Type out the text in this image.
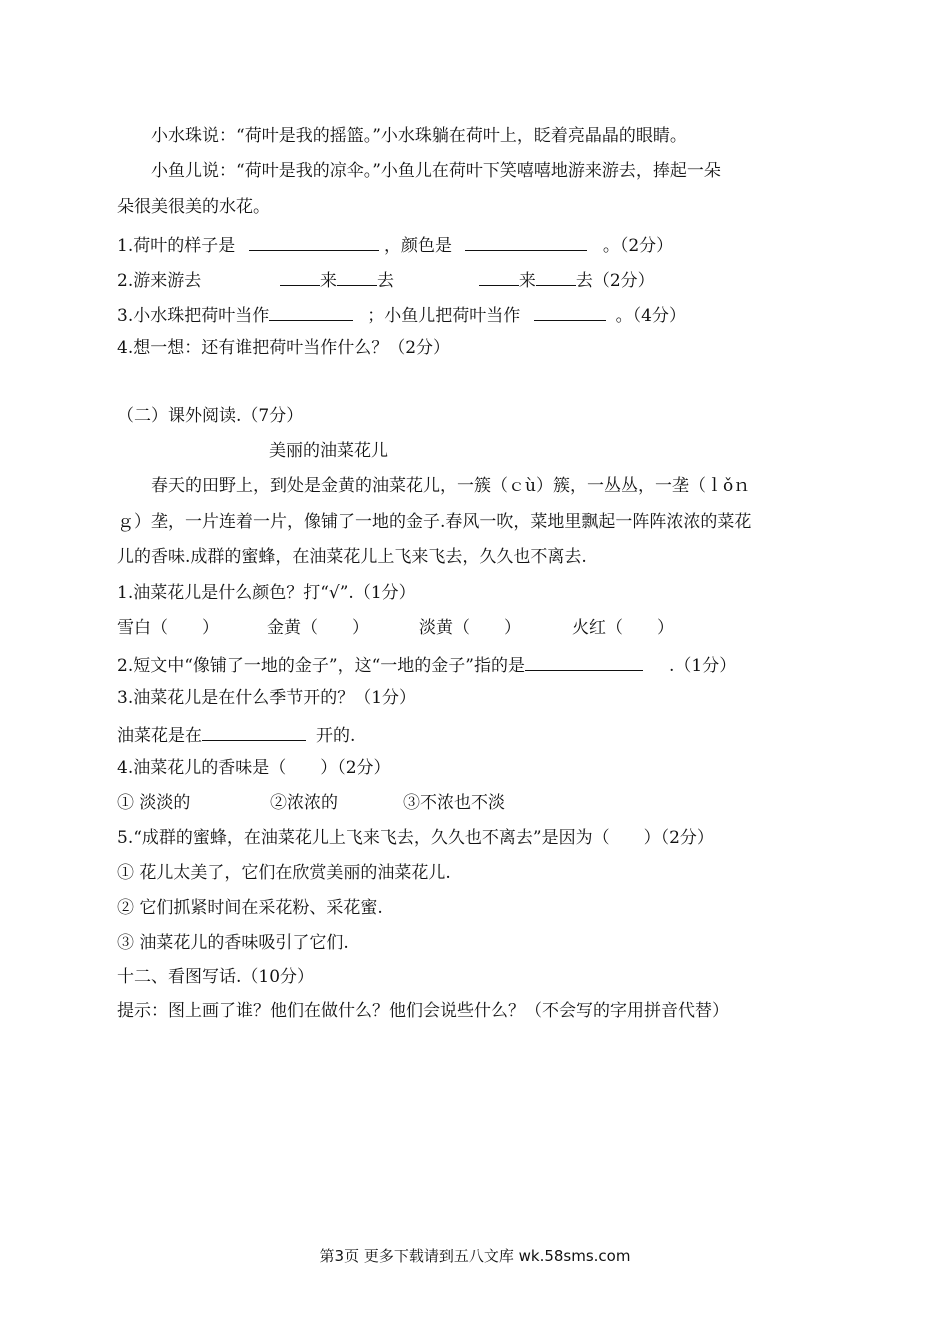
小水珠说：“荷叶是我的摇篮。”小水珠躺在荷叶上，眨着亮晶晶的眼睛。
小鱼儿说：“荷叶是我的凉伞。”小鱼儿在荷叶下笑嘻嘻地游来游去，捧起一朵
朵很美很美的水花。
1.荷叶的样子是	，颜色是	。（2分）
2.游来游去	来 去	来 去（2分）
3.小水珠把荷叶当作	；小鱼儿把荷叶当作	。（4分）
4.想一想：还有谁把荷叶当作什么？（2分）
（二）课外阅读.（7分）
美丽的油菜花儿
春天的田野上，到处是金黄的油菜花儿，一簇（ｃù）簇，一丛丛，一垄（ｌǒｎ
ｇ）垄，一片连着一片，像铺了一地的金子.春风一吹，菜地里飘起一阵阵浓浓的菜花
儿的香味.成群的蜜蜂，在油菜花儿上飞来飞去，久久也不离去.
1.油菜花儿是什么颜色？打“√”.（1分）
雪白（　　）	金黄（　　）	淡黄（　　）	火红（　　）
2.短文中“像铺了一地的金子”，这“一地的金子”指的是	.（1分）
3.油菜花儿是在什么季节开的？（1分）
油菜花是在	开的.
4.油菜花儿的香味是（　　）（2分）
① 淡淡的	②浓浓的	③不浓也不淡
5.“成群的蜜蜂，在油菜花儿上飞来飞去，久久也不离去”是因为（　　）（2分）
① 花儿太美了，它们在欣赏美丽的油菜花儿.
② 它们抓紧时间在采花粉、采花蜜.
③ 油菜花儿的香味吸引了它们.
十二、看图写话.（10分）
提示：图上画了谁？他们在做什么？他们会说些什么？（不会写的字用拼音代替）
第3页 更多下载请到五八文库 wk.58sms.com
